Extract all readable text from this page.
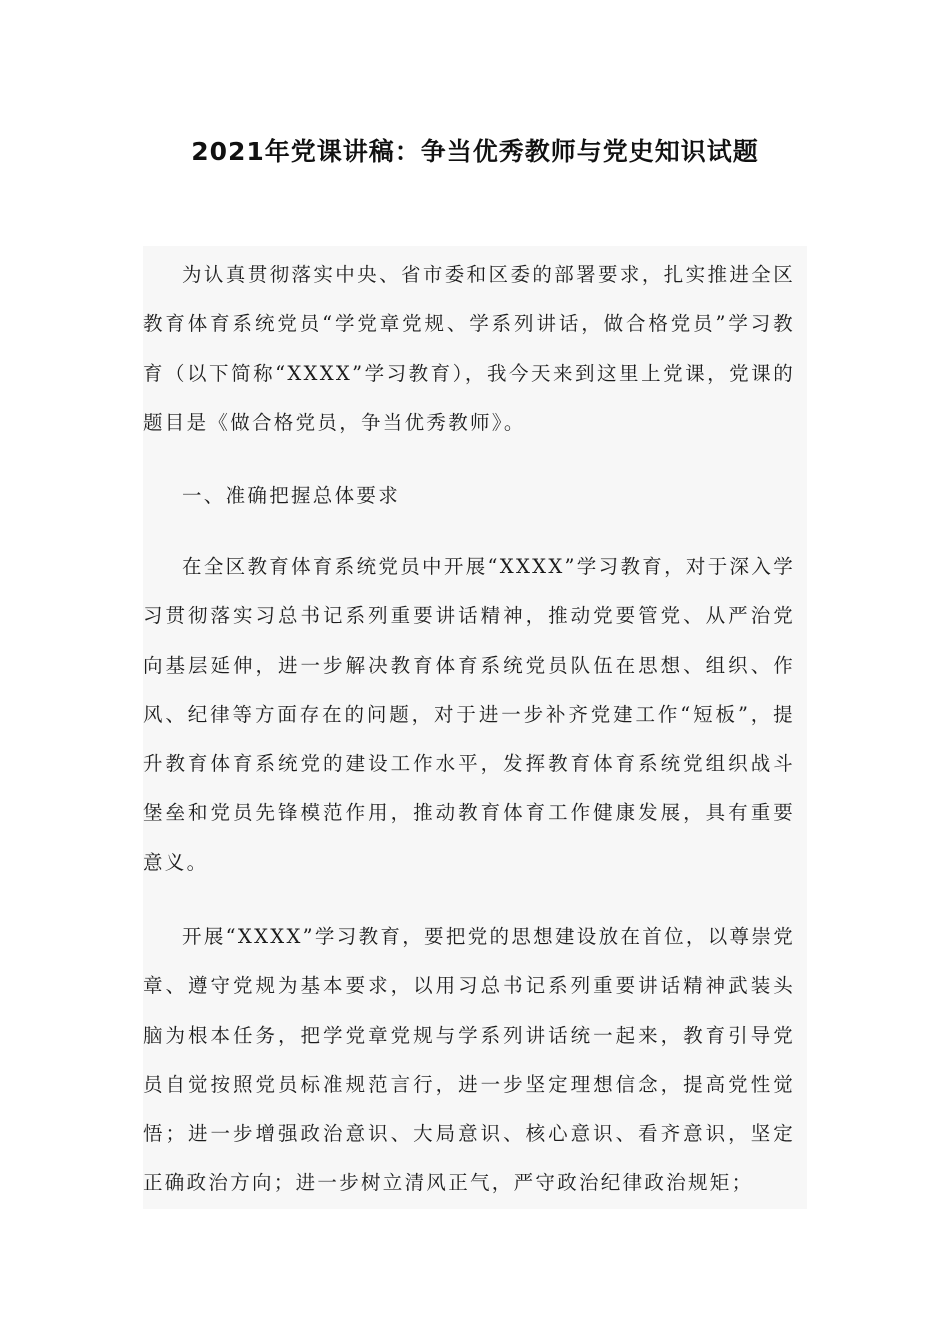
2021年党课讲稿：争当优秀教师与党史知识试题

为认真贯彻落实中央、省市委和区委的部署要求，扎实推进全区教育体育系统党员“学党章党规、学系列讲话，做合格党员”学习教育（以下简称“XXXX”学习教育），我今天来到这里上党课，党课的题目是《做合格党员，争当优秀教师》。

一、准确把握总体要求

在全区教育体育系统党员中开展“XXXX”学习教育，对于深入学习贯彻落实习总书记系列重要讲话精神，推动党要管党、从严治党向基层延伸，进一步解决教育体育系统党员队伍在思想、组织、作风、纪律等方面存在的问题，对于进一步补齐党建工作“短板”，提升教育体育系统党的建设工作水平，发挥教育体育系统党组织战斗堡垒和党员先锋模范作用，推动教育体育工作健康发展，具有重要意义。

开展“XXXX”学习教育，要把党的思想建设放在首位，以尊崇党章、遵守党规为基本要求，以用习总书记系列重要讲话精神武装头脑为根本任务，把学党章党规与学系列讲话统一起来，教育引导党员自觉按照党员标准规范言行，进一步坚定理想信念，提高党性觉悟；进一步增强政治意识、大局意识、核心意识、看齐意识，坚定正确政治方向；进一步树立清风正气，严守政治纪律政治规矩；
